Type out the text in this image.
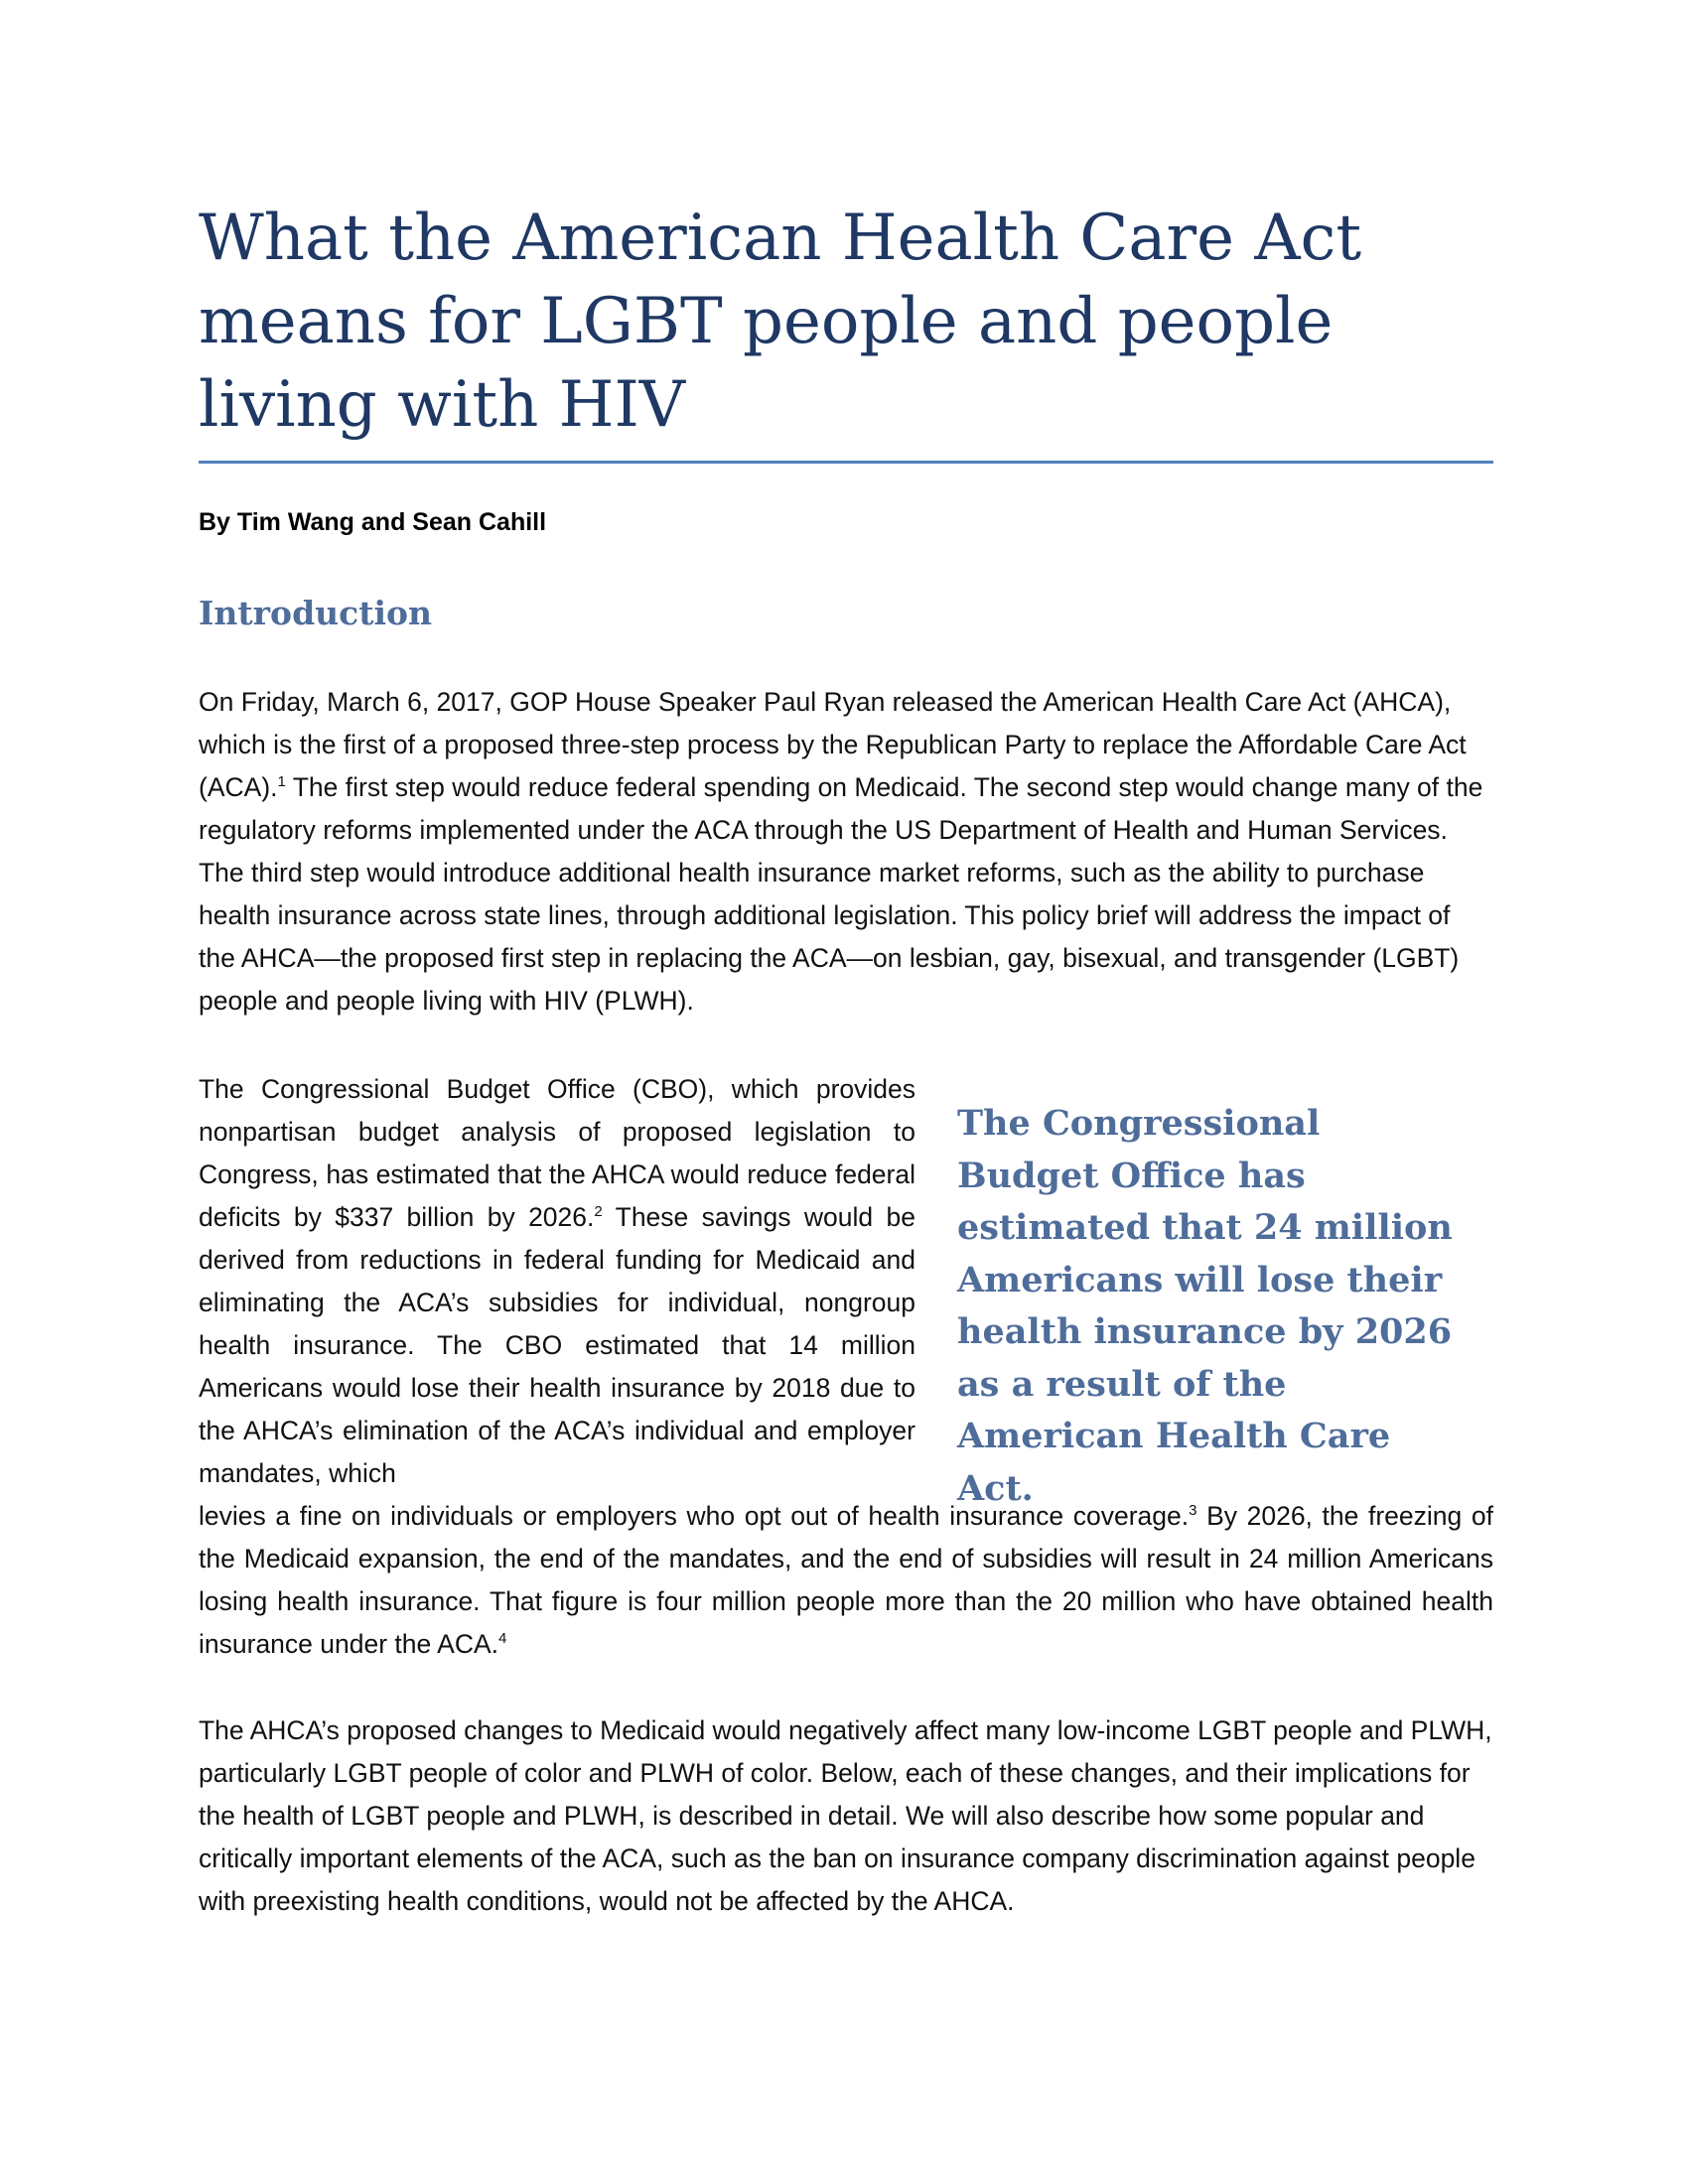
What the American Health Care Act means for LGBT people and people living with HIV
By Tim Wang and Sean Cahill
Introduction

On Friday, March 6, 2017, GOP House Speaker Paul Ryan released the American Health Care Act (AHCA), which is the first of a proposed three-step process by the Republican Party to replace the Affordable Care Act (ACA).$^1$ The first step would reduce federal spending on Medicaid. The second step would change many of the regulatory reforms implemented under the ACA through the US Department of Health and Human Services. The third step would introduce additional health insurance market reforms, such as the ability to purchase health insurance across state lines, through additional legislation. This policy brief will address the impact of the AHCA—the proposed first step in replacing the ACA—on lesbian, gay, bisexual, and transgender (LGBT) people and people living with HIV (PLWH).

The Congressional Budget Office (CBO), which provides nonpartisan budget analysis of proposed legislation to Congress, has estimated that the AHCA would reduce federal deficits by $337 billion by 2026.$^2$ These savings would be derived from reductions in federal funding for Medicaid and eliminating the ACA’s subsidies for individual, nongroup health insurance. The CBO estimated that 14 million Americans would lose their health insurance by 2018 due to the AHCA’s elimination of the ACA’s individual and employer mandates, which

The Congressional Budget Office has estimated that 24 million Americans will lose their health insurance by 2026 as a result of the American Health Care Act.

levies a fine on individuals or employers who opt out of health insurance coverage.$^3$ By 2026, the freezing of the Medicaid expansion, the end of the mandates, and the end of subsidies will result in 24 million Americans losing health insurance. That figure is four million people more than the 20 million who have obtained health insurance under the ACA.$^4$

The AHCA’s proposed changes to Medicaid would negatively affect many low-income LGBT people and PLWH, particularly LGBT people of color and PLWH of color. Below, each of these changes, and their implications for the health of LGBT people and PLWH, is described in detail. We will also describe how some popular and critically important elements of the ACA, such as the ban on insurance company discrimination against people with preexisting health conditions, would not be affected by the AHCA.
